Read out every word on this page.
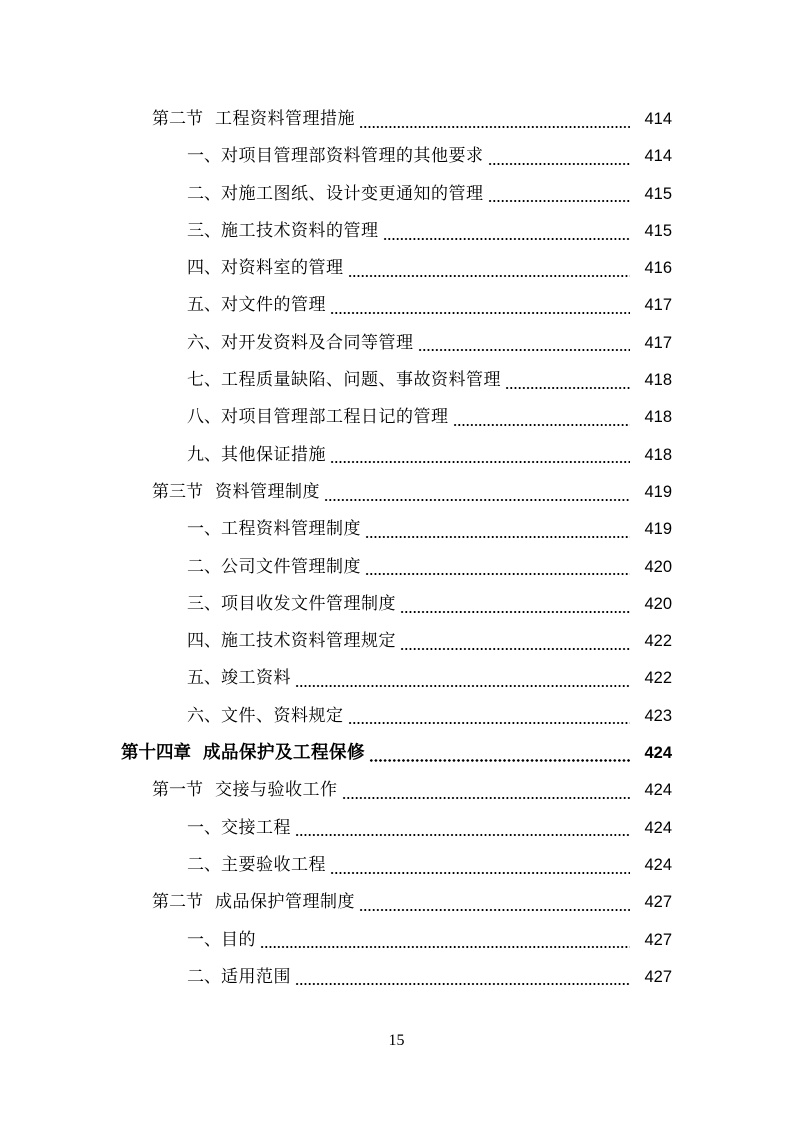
第二节 工程资料管理措施	414
一、 对项目管理部资料管理的其他要求	414
二、 对施工图纸、设计变更通知的管理	415
三、 施工技术资料的管理	415
四、 对资料室的管理	416
五、 对文件的管理	417
六、 对开发资料及合同等管理	417
七、 工程质量缺陷、问题、事故资料管理	418
八、 对项目管理部工程日记的管理	418
九、 其他保证措施	418
第三节 资料管理制度	419
一、 工程资料管理制度	419
二、 公司文件管理制度	420
三、 项目收发文件管理制度	420
四、 施工技术资料管理规定	422
五、 竣工资料	422
六、 文件、资料规定	423
第十四章 成品保护及工程保修	424
第一节 交接与验收工作	424
一、 交接工程	424
二、 主要验收工程	424
第二节 成品保护管理制度	427
一、 目的	427
二、 适用范围	427
15
